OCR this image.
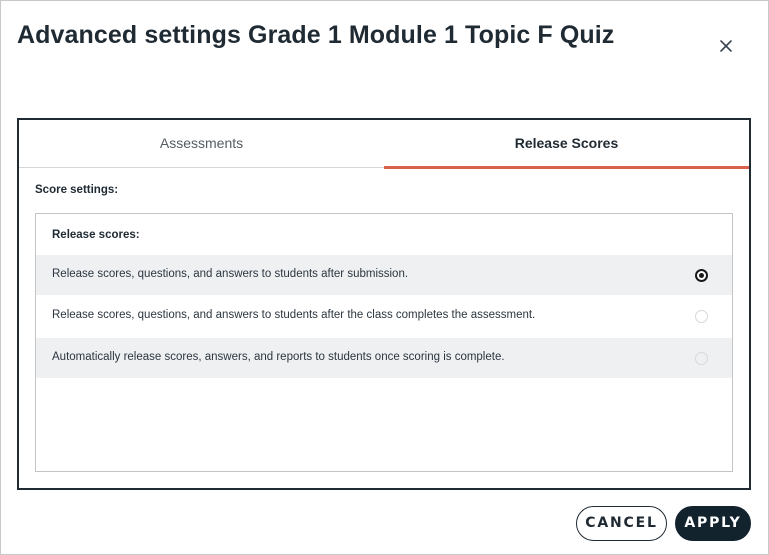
Advanced settings Grade 1 Module 1 Topic F Quiz
Assessments	Release Scores
Score settings:
Release scores:
Release scores, questions, and answers to students after submission.
Release scores, questions, and answers to students after the class completes the assessment.
Automatically release scores, answers, and reports to students once scoring is complete.
CANCEL	APPLY
